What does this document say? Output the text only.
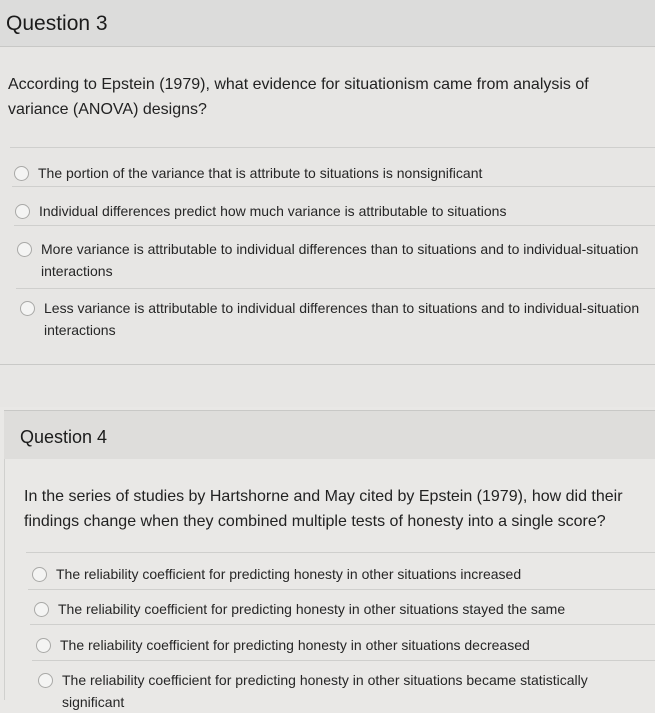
Question 3
According to Epstein (1979), what evidence for situationism came from analysis of variance (ANOVA) designs?
The portion of the variance that is attribute to situations is nonsignificant
Individual differences predict how much variance is attributable to situations
More variance is attributable to individual differences than to situations and to individual-situation interactions
Less variance is attributable to individual differences than to situations and to individual-situation interactions
Question 4
In the series of studies by Hartshorne and May cited by Epstein (1979), how did their findings change when they combined multiple tests of honesty into a single score?
The reliability coefficient for predicting honesty in other situations increased
The reliability coefficient for predicting honesty in other situations stayed the same
The reliability coefficient for predicting honesty in other situations decreased
The reliability coefficient for predicting honesty in other situations became statistically significant
